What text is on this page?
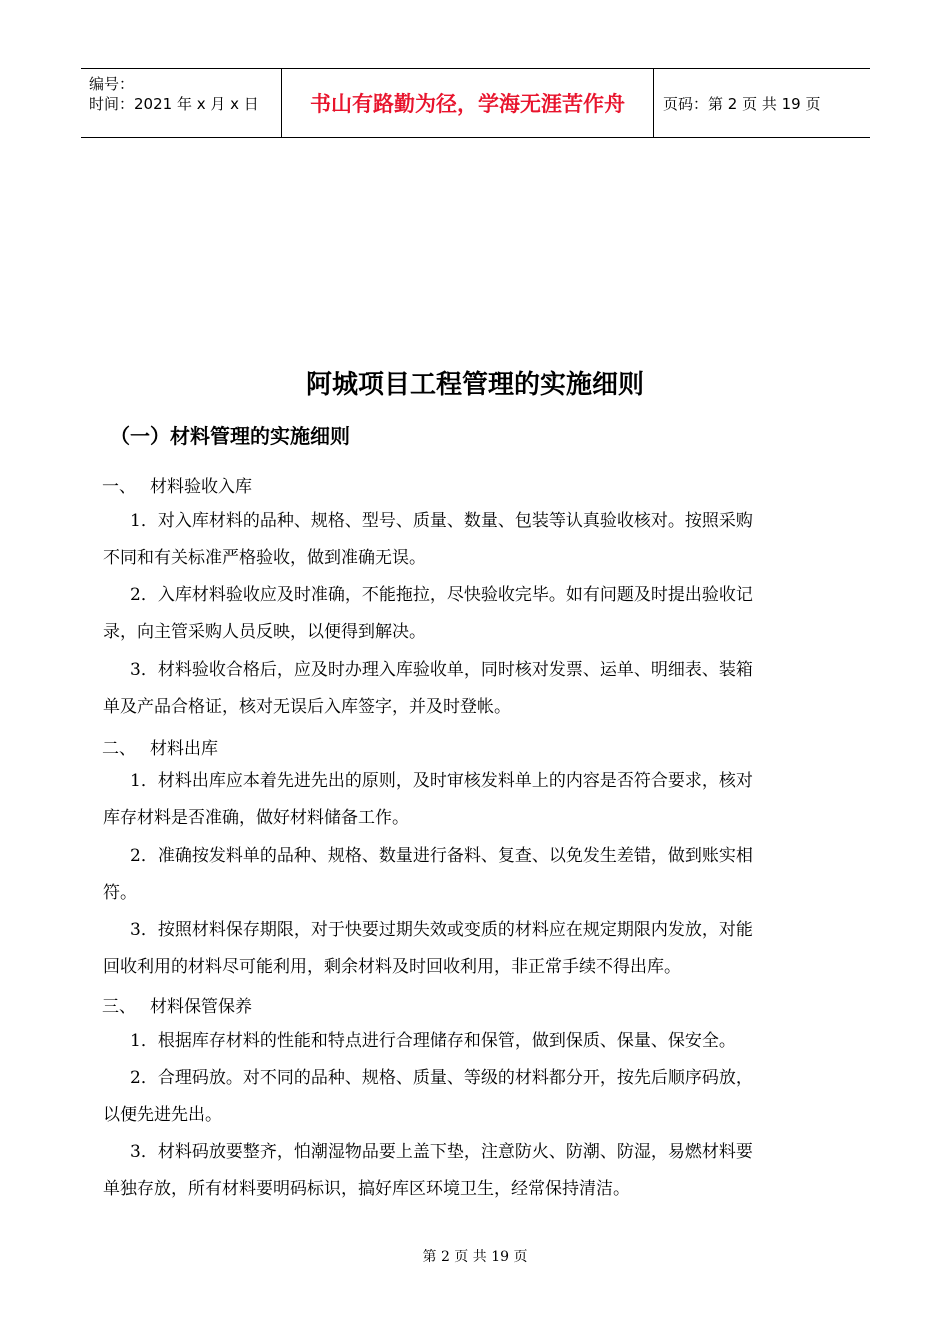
编号：
时间：2021 年 x 月 x 日 书山有路勤为径，学海无涯苦作舟	页码：第 2 页 共 19 页
阿城项目工程管理的实施细则
（一）材料管理的实施细则
一、 材料验收入库
1．对入库材料的品种、规格、型号、质量、数量、包装等认真验收核对。按照采购
不同和有关标准严格验收，做到准确无误。
2．入库材料验收应及时准确，不能拖拉，尽快验收完毕。如有问题及时提出验收记
录，向主管采购人员反映，以便得到解决。
3．材料验收合格后，应及时办理入库验收单，同时核对发票、运单、明细表、装箱
单及产品合格证，核对无误后入库签字，并及时登帐。
二、 材料出库
1．材料出库应本着先进先出的原则，及时审核发料单上的内容是否符合要求，核对
库存材料是否准确，做好材料储备工作。
2．准确按发料单的品种、规格、数量进行备料、复查、以免发生差错，做到账实相
符。
3．按照材料保存期限，对于快要过期失效或变质的材料应在规定期限内发放，对能
回收利用的材料尽可能利用，剩余材料及时回收利用，非正常手续不得出库。
三、 材料保管保养
1．根据库存材料的性能和特点进行合理储存和保管，做到保质、保量、保安全。
2．合理码放。对不同的品种、规格、质量、等级的材料都分开，按先后顺序码放，
以便先进先出。
3．材料码放要整齐，怕潮湿物品要上盖下垫，注意防火、防潮、防湿，易燃材料要
单独存放，所有材料要明码标识，搞好库区环境卫生，经常保持清洁。
第 2 页 共 19 页
